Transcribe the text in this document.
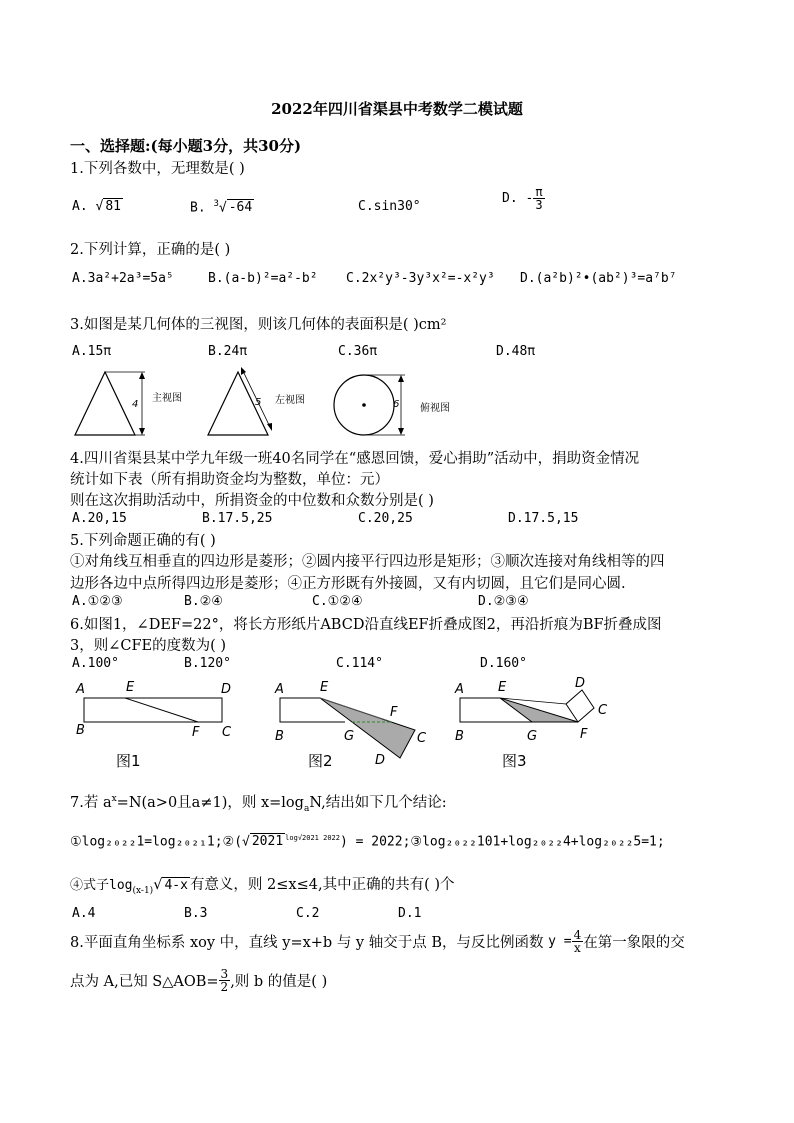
2022年四川省渠县中考数学二模试题
一、选择题:(每小题3分，共30分)
1.下列各数中，无理数是( )
A. √ 81	B. $^3$√ -64	C.sin30°
D. - $\frac{\pi}{3}$
2.下列计算，正确的是( )
A.3a²+2a³=5a⁵	B.(a-b)²=a²-b² C.2x²y³-3y³x²=-x²y³ D.(a²b)²•(ab²)³=a⁷b⁷
3.如图是某几何体的三视图，则该几何体的表面积是( )cm²
A.15π	B.24π	C.36π	D.48π
4
主视图	5 左视图	6 俯视图
4.四川省渠县某中学九年级一班40名同学在“感恩回馈，爱心捐助”活动中，捐助资金情况
统计如下表（所有捐助资金均为整数，单位：元）
则在这次捐助活动中，所捐资金的中位数和众数分别是( )
A.20,15	B.17.5,25	C.20,25	D.17.5,15
5.下列命题正确的有( )
①对角线互相垂直的四边形是菱形；②圆内接平行四边形是矩形；③顺次连接对角线相等的四
边形各边中点所得四边形是菱形；④正方形既有外接圆，又有内切圆，且它们是同心圆.
A.①②③	B.②④	C.①②④	D.②③④
6.如图1，∠DEF=22°，将长方形纸片ABCD沿直线EF折叠成图2，再沿折痕为BF折叠成图
3，则∠CFE的度数为( )
A.100°	B.120°	C.114°	D.160°
A	E	D
B	F C
图1
A	E
F
B	G	C
D
图2
A	E	D
C
B	G	F
图3
7.若 $a^x=N(a>0$且a≠1)，则 $x=\log_aN$,结出如下几个结论:
①log₂₀₂₂1=log₂₀₂₁1;②(√ 2021 $^{log√2021 2022}$) = 2022;③log₂₀₂₂101+log₂₀₂₂4+log₂₀₂₂5=1;
④式子$\log_{(x-1)}√$ 4-x 有意义，则 2≤x≤4,其中正确的共有( )个
A.4	B.3	C.2	D.1
8.平面直角坐标系 xoy 中，直线 y=x+b 与 y 轴交于点 B，与反比例函数 $y = \frac{4}{x}$ 在第一象限的交
点为 A,已知 S△AOB= $\frac{3}{2}$ ,则 b 的值是( )
